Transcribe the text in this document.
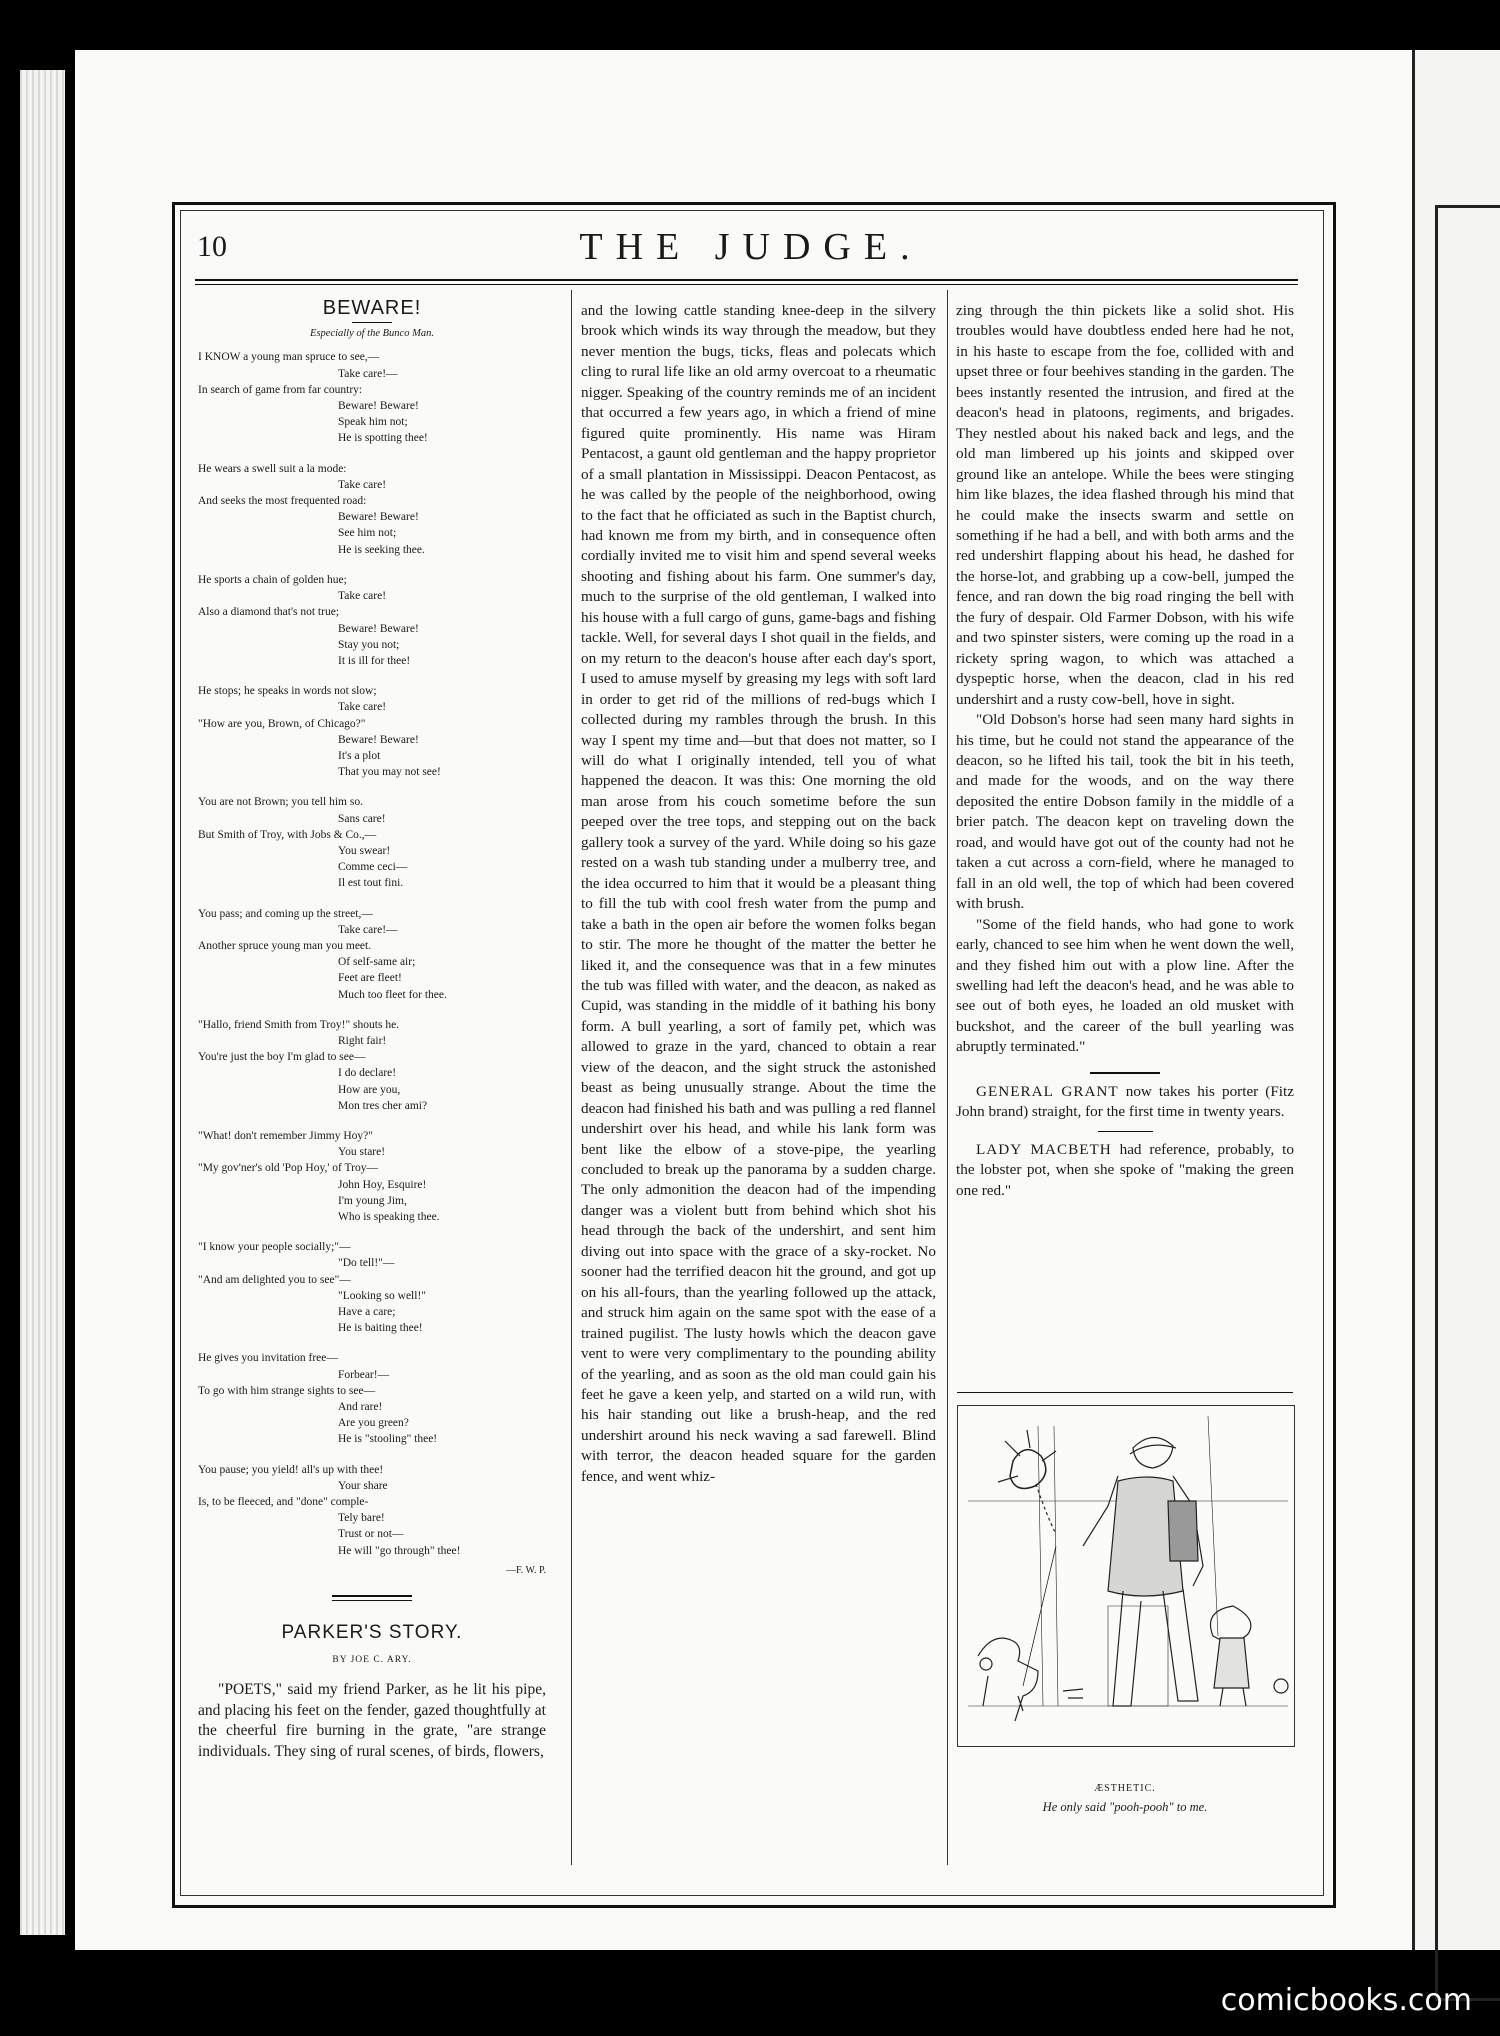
10	THE JUDGE.
BEWARE!
Especially of the Bunco Man.
I KNOW a young man spruce to see,—
Take care!—
In search of game from far country:
Beware! Beware!
Speak him not;
He is spotting thee!
He wears a swell suit a la mode:
Take care!
And seeks the most frequented road:
Beware! Beware!
See him not;
He is seeking thee.
He sports a chain of golden hue;
Take care!
Also a diamond that's not true;
Beware! Beware!
Stay you not;
It is ill for thee!
He stops; he speaks in words not slow;
Take care!
"How are you, Brown, of Chicago?"
Beware! Beware!
It's a plot
That you may not see!
You are not Brown; you tell him so.
Sans care!
But Smith of Troy, with Jobs & Co.,—
You swear!
Comme ceci—
Il est tout fini.
You pass; and coming up the street,—
Take care!—
Another spruce young man you meet.
Of self-same air;
Feet are fleet!
Much too fleet for thee.
"Hallo, friend Smith from Troy!" shouts he.
Right fair!
You're just the boy I'm glad to see—
I do declare!
How are you,
Mon tres cher ami?
"What! don't remember Jimmy Hoy?"
You stare!
"My gov'ner's old 'Pop Hoy,' of Troy—
John Hoy, Esquire!
I'm young Jim,
Who is speaking thee.
"I know your people socially;"—
"Do tell!"—
"And am delighted you to see"—
"Looking so well!"
Have a care;
He is baiting thee!
He gives you invitation free—
Forbear!—
To go with him strange sights to see—
And rare!
Are you green?
He is "stooling" thee!
You pause; you yield! all's up with thee!
Your share
Is, to be fleeced, and "done" comple-
Tely bare!
Trust or not—
He will "go through" thee!
—F. W. P.
PARKER'S STORY.
BY JOE C. ARY.

"POETS," said my friend Parker, as he lit his pipe, and placing his feet on the fender, gazed thoughtfully at the cheerful fire burning in the grate, "are strange individuals. They sing of rural scenes, of birds, flowers,

and the lowing cattle standing knee-deep in the silvery brook which winds its way through the meadow, but they never mention the bugs, ticks, fleas and polecats which cling to rural life like an old army overcoat to a rheumatic nigger. Speaking of the country reminds me of an incident that occurred a few years ago, in which a friend of mine figured quite prominently. His name was Hiram Pentacost, a gaunt old gentleman and the happy proprietor of a small plantation in Mississippi. Deacon Pentacost, as he was called by the people of the neighborhood, owing to the fact that he officiated as such in the Baptist church, had known me from my birth, and in consequence often cordially invited me to visit him and spend several weeks shooting and fishing about his farm. One summer's day, much to the surprise of the old gentleman, I walked into his house with a full cargo of guns, game-bags and fishing tackle. Well, for several days I shot quail in the fields, and on my return to the deacon's house after each day's sport, I used to amuse myself by greasing my legs with soft lard in order to get rid of the millions of red-bugs which I collected during my rambles through the brush. In this way I spent my time and—but that does not matter, so I will do what I originally intended, tell you of what happened the deacon. It was this: One morning the old man arose from his couch sometime before the sun peeped over the tree tops, and stepping out on the back gallery took a survey of the yard. While doing so his gaze rested on a wash tub standing under a mulberry tree, and the idea occurred to him that it would be a pleasant thing to fill the tub with cool fresh water from the pump and take a bath in the open air before the women folks began to stir. The more he thought of the matter the better he liked it, and the consequence was that in a few minutes the tub was filled with water, and the deacon, as naked as Cupid, was standing in the middle of it bathing his bony form. A bull yearling, a sort of family pet, which was allowed to graze in the yard, chanced to obtain a rear view of the deacon, and the sight struck the astonished beast as being unusually strange. About the time the deacon had finished his bath and was pulling a red flannel undershirt over his head, and while his lank form was bent like the elbow of a stove-pipe, the yearling concluded to break up the panorama by a sudden charge. The only admonition the deacon had of the impending danger was a violent butt from behind which shot his head through the back of the undershirt, and sent him diving out into space with the grace of a sky-rocket. No sooner had the terrified deacon hit the ground, and got up on his all-fours, than the yearling followed up the attack, and struck him again on the same spot with the ease of a trained pugilist. The lusty howls which the deacon gave vent to were very complimentary to the pounding ability of the yearling, and as soon as the old man could gain his feet he gave a keen yelp, and started on a wild run, with his hair standing out like a brush-heap, and the red undershirt around his neck waving a sad farewell. Blind with terror, the deacon headed square for the garden fence, and went whiz-

zing through the thin pickets like a solid shot. His troubles would have doubtless ended here had he not, in his haste to escape from the foe, collided with and upset three or four beehives standing in the garden. The bees instantly resented the intrusion, and fired at the deacon's head in platoons, regiments, and brigades. They nestled about his naked back and legs, and the old man limbered up his joints and skipped over ground like an antelope. While the bees were stinging him like blazes, the idea flashed through his mind that he could make the insects swarm and settle on something if he had a bell, and with both arms and the red undershirt flapping about his head, he dashed for the horse-lot, and grabbing up a cow-bell, jumped the fence, and ran down the big road ringing the bell with the fury of despair. Old Farmer Dobson, with his wife and two spinster sisters, were coming up the road in a rickety spring wagon, to which was attached a dyspeptic horse, when the deacon, clad in his red undershirt and a rusty cow-bell, hove in sight.

"Old Dobson's horse had seen many hard sights in his time, but he could not stand the appearance of the deacon, so he lifted his tail, took the bit in his teeth, and made for the woods, and on the way there deposited the entire Dobson family in the middle of a brier patch. The deacon kept on traveling down the road, and would have got out of the county had not he taken a cut across a corn-field, where he managed to fall in an old well, the top of which had been covered with brush.

"Some of the field hands, who had gone to work early, chanced to see him when he went down the well, and they fished him out with a plow line. After the swelling had left the deacon's head, and he was able to see out of both eyes, he loaded an old musket with buckshot, and the career of the bull yearling was abruptly terminated."

GENERAL GRANT now takes his porter (Fitz John brand) straight, for the first time in twenty years.

LADY MACBETH had reference, probably, to the lobster pot, when she spoke of "making the green one red."

ÆSTHETIC.
He only said "pooh-pooh" to me.
comicbooks.com
